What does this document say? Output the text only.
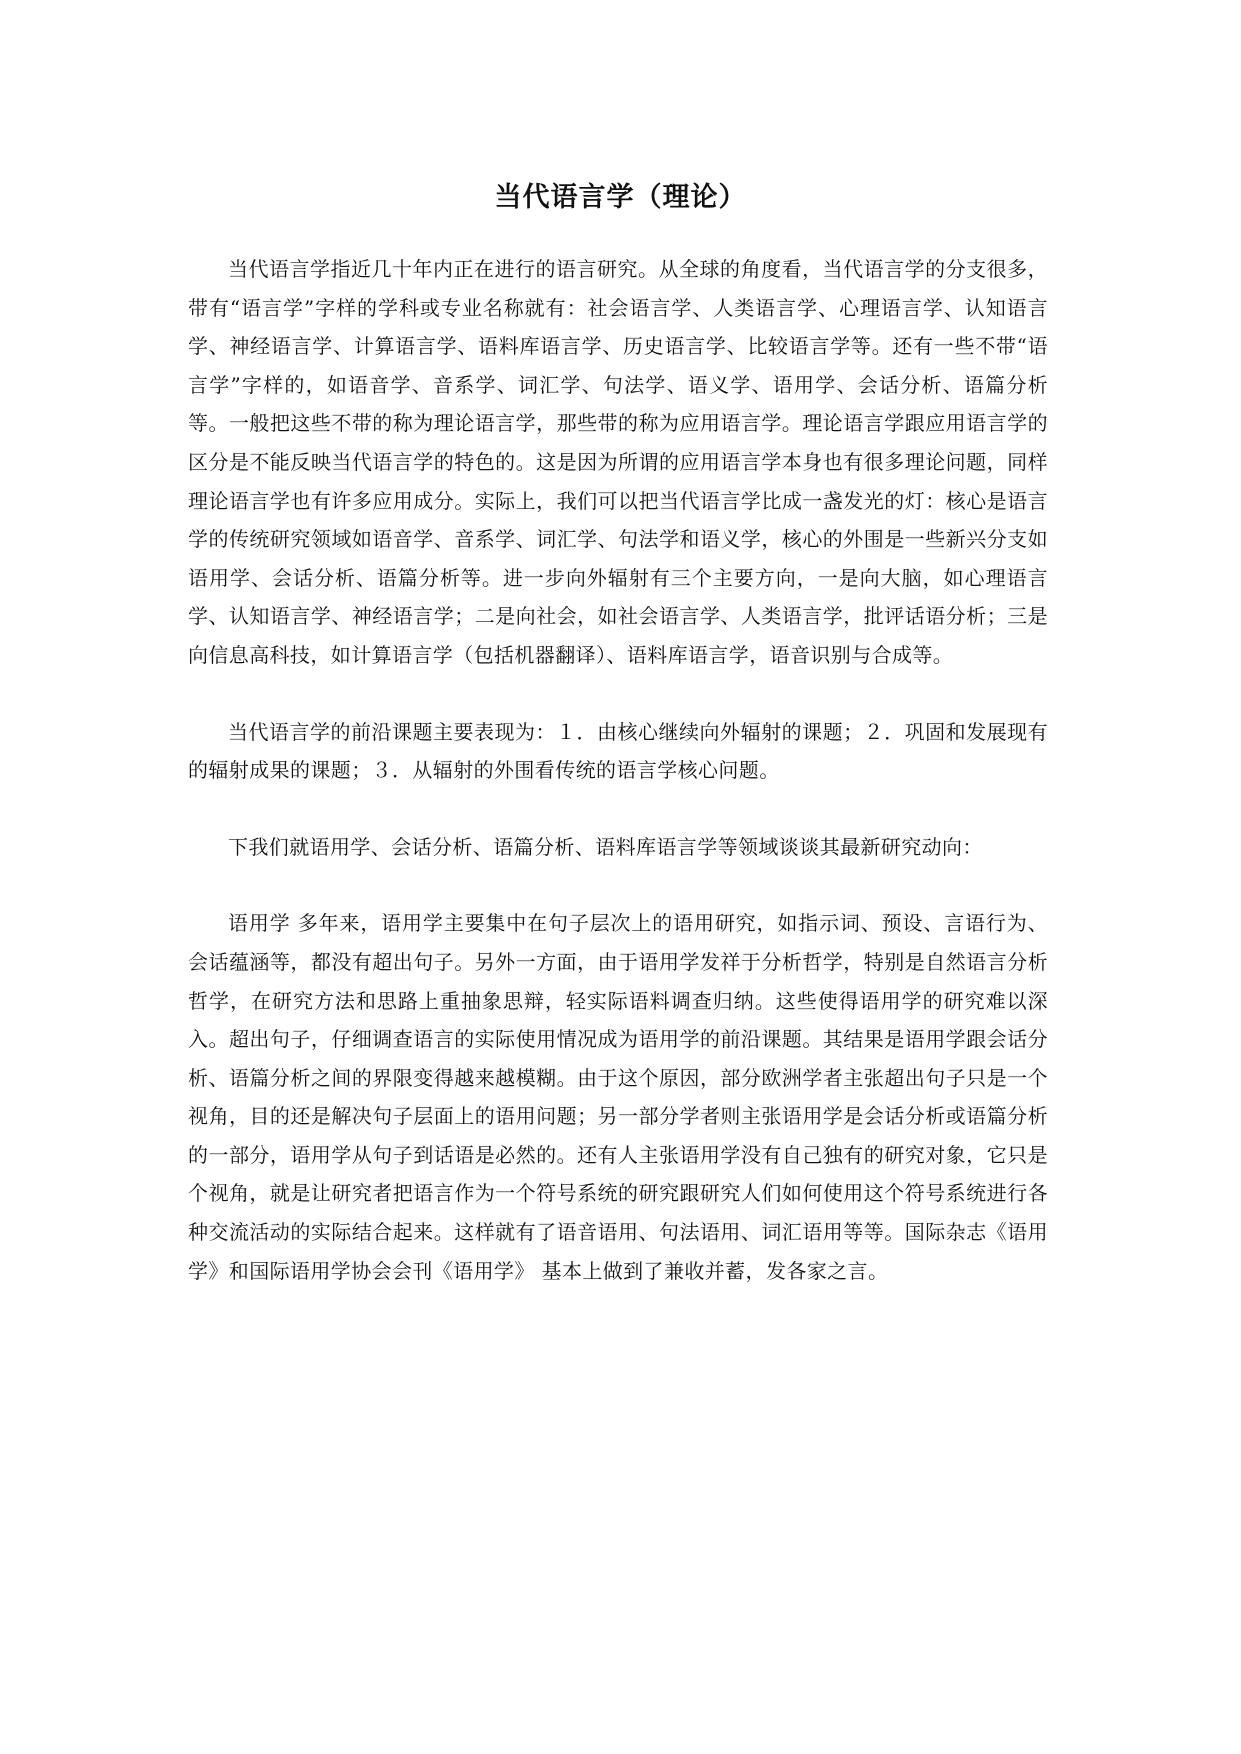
当代语言学（理论）

当代语言学指近几十年内正在进行的语言研究。从全球的角度看，当代语言学的分支很多，带有“语言学”字样的学科或专业名称就有：社会语言学、人类语言学、心理语言学、认知语言学、神经语言学、计算语言学、语料库语言学、历史语言学、比较语言学等。还有一些不带“语言学”字样的，如语音学、音系学、词汇学、句法学、语义学、语用学、会话分析、语篇分析等。一般把这些不带的称为理论语言学，那些带的称为应用语言学。理论语言学跟应用语言学的区分是不能反映当代语言学的特色的。这是因为所谓的应用语言学本身也有很多理论问题，同样理论语言学也有许多应用成分。实际上，我们可以把当代语言学比成一盏发光的灯：核心是语言学的传统研究领域如语音学、音系学、词汇学、句法学和语义学，核心的外围是一些新兴分支如语用学、会话分析、语篇分析等。进一步向外辐射有三个主要方向，一是向大脑，如心理语言学、认知语言学、神经语言学；二是向社会，如社会语言学、人类语言学，批评话语分析；三是向信息高科技，如计算语言学（包括机器翻译）、语料库语言学，语音识别与合成等。

当代语言学的前沿课题主要表现为：１．由核心继续向外辐射的课题；２．巩固和发展现有的辐射成果的课题；３．从辐射的外围看传统的语言学核心问题。

下我们就语用学、会话分析、语篇分析、语料库语言学等领域谈谈其最新研究动向：

语用学 多年来，语用学主要集中在句子层次上的语用研究，如指示词、预设、言语行为、会话蕴涵等，都没有超出句子。另外一方面，由于语用学发祥于分析哲学，特别是自然语言分析哲学，在研究方法和思路上重抽象思辩，轻实际语料调查归纳。这些使得语用学的研究难以深入。超出句子，仔细调查语言的实际使用情况成为语用学的前沿课题。其结果是语用学跟会话分析、语篇分析之间的界限变得越来越模糊。由于这个原因，部分欧洲学者主张超出句子只是一个视角，目的还是解决句子层面上的语用问题；另一部分学者则主张语用学是会话分析或语篇分析的一部分，语用学从句子到话语是必然的。还有人主张语用学没有自己独有的研究对象，它只是个视角，就是让研究者把语言作为一个符号系统的研究跟研究人们如何使用这个符号系统进行各种交流活动的实际结合起来。这样就有了语音语用、句法语用、词汇语用等等。国际杂志《语用学》和国际语用学协会会刊《语用学》 基本上做到了兼收并蓄，发各家之言。
